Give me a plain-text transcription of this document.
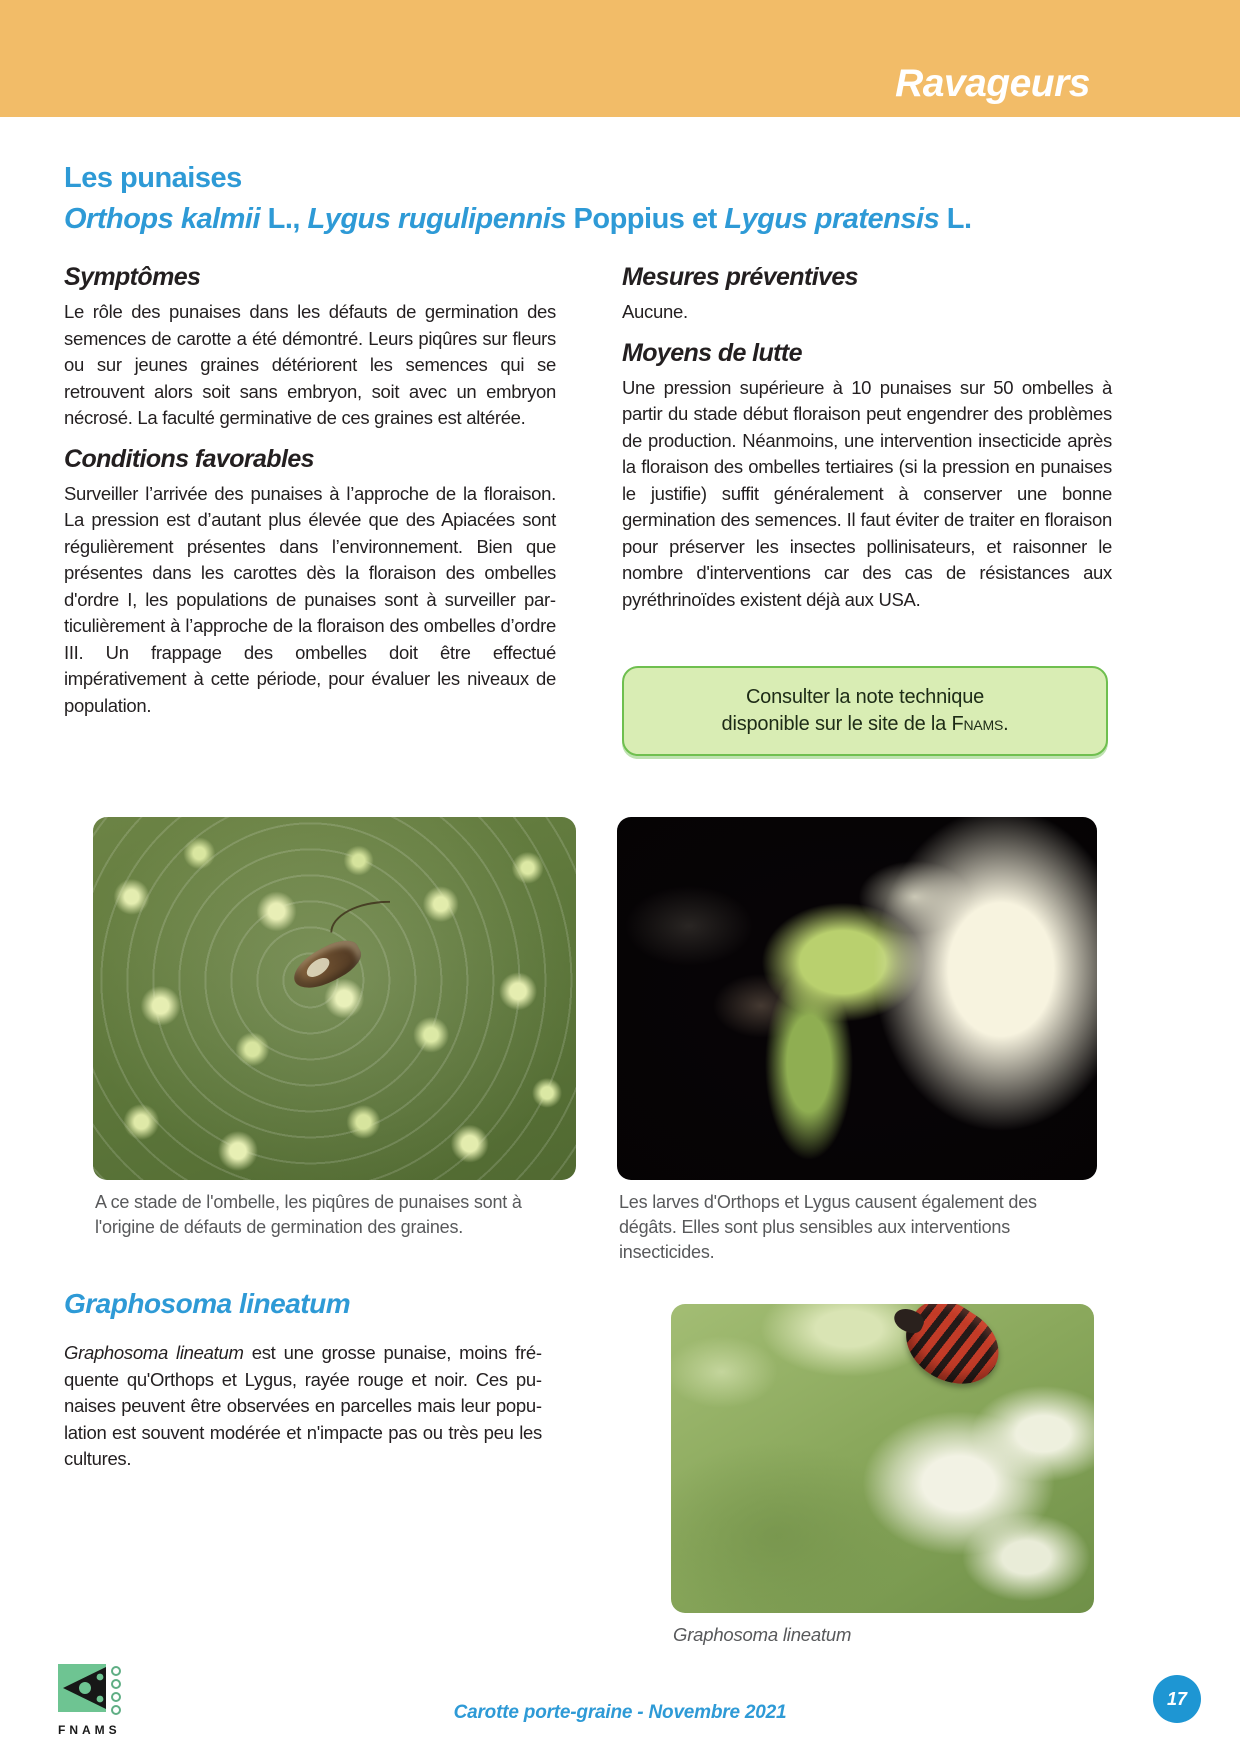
Ravageurs
Les punaises
Orthops kalmii L., Lygus rugulipennis Poppius et Lygus pratensis L.
Symptômes

Le rôle des punaises dans les défauts de germination des semences de carotte a été démontré. Leurs piqûres sur fleurs ou sur jeunes graines détériorent les semences qui se retrouvent alors soit sans embryon, soit avec un embryon nécrosé. La faculté germinative de ces graines est altérée.

Conditions favorables

Surveiller l’arrivée des punaises à l’approche de la floraison. La pression est d’autant plus élevée que des Apiacées sont régulièrement présentes dans l’environnement. Bien que présentes dans les carottes dès la floraison des ombelles d'ordre I, les populations de punaises sont à surveiller particulièrement à l’approche de la floraison des ombelles d’ordre III. Un frappage des ombelles doit être effectué impérativement à cette période, pour évaluer les niveaux de population.

Mesures préventives

Aucune.

Moyens de lutte

Une pression supérieure à 10 punaises sur 50 ombelles à partir du stade début floraison peut engendrer des problèmes de production. Néanmoins, une intervention insecticide après la floraison des ombelles tertiaires (si la pression en punaises le justifie) suffit généralement à conserver une bonne germination des semences. Il faut éviter de traiter en floraison pour préserver les insectes pollinisateurs, et raisonner le nombre d'interventions car des cas de résistances aux pyréthrinoïdes existent déjà aux USA.

Consulter la note technique
disponible sur le site de la Fnams.
A ce stade de l'ombelle, les piqûres de punaises sont à l'origine de défauts de germination des graines.
Les larves d'Orthops et Lygus causent également des dégâts. Elles sont plus sensibles aux interventions insecticides.
Graphosoma lineatum

Graphosoma lineatum est une grosse punaise, moins fréquente qu'Orthops et Lygus, rayée rouge et noir. Ces punaises peuvent être observées en parcelles mais leur population est souvent modérée et n'impacte pas ou très peu les cultures.

Graphosoma lineatum
FNAMS
Carotte porte-graine - Novembre 2021
17
